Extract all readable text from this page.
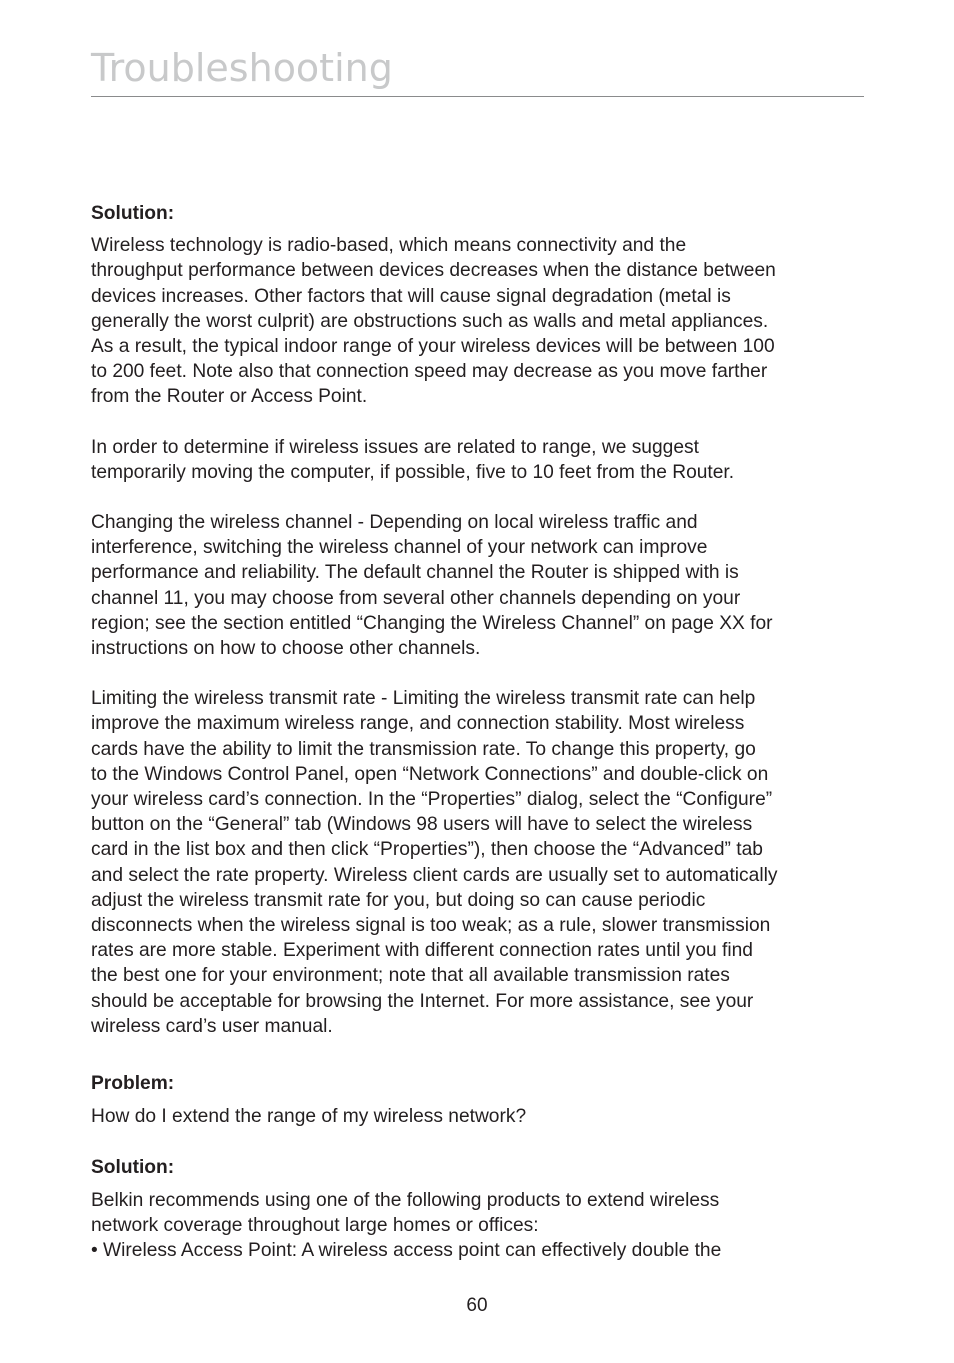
Troubleshooting

Solution:

Wireless technology is radio-based, which means connectivity and the
throughput performance between devices decreases when the distance between
devices increases. Other factors that will cause signal degradation (metal is
generally the worst culprit) are obstructions such as walls and metal appliances.
As a result, the typical indoor range of your wireless devices will be between 100
to 200 feet. Note also that connection speed may decrease as you move farther
from the Router or Access Point.

In order to determine if wireless issues are related to range, we suggest
temporarily moving the computer, if possible, five to 10 feet from the Router.

Changing the wireless channel - Depending on local wireless traffic and
interference, switching the wireless channel of your network can improve
performance and reliability. The default channel the Router is shipped with is
channel 11, you may choose from several other channels depending on your
region; see the section entitled “Changing the Wireless Channel” on page XX for
instructions on how to choose other channels.

Limiting the wireless transmit rate - Limiting the wireless transmit rate can help
improve the maximum wireless range, and connection stability. Most wireless
cards have the ability to limit the transmission rate. To change this property, go
to the Windows Control Panel, open “Network Connections” and double-click on
your wireless card’s connection. In the “Properties” dialog, select the “Configure”
button on the “General” tab (Windows 98 users will have to select the wireless
card in the list box and then click “Properties”), then choose the “Advanced” tab
and select the rate property. Wireless client cards are usually set to automatically
adjust the wireless transmit rate for you, but doing so can cause periodic
disconnects when the wireless signal is too weak; as a rule, slower transmission
rates are more stable. Experiment with different connection rates until you find
the best one for your environment; note that all available transmission rates
should be acceptable for browsing the Internet. For more assistance, see your
wireless card’s user manual.

Problem:

How do I extend the range of my wireless network?

Solution:

Belkin recommends using one of the following products to extend wireless
network coverage throughout large homes or offices:

• Wireless Access Point: A wireless access point can effectively double the

60
